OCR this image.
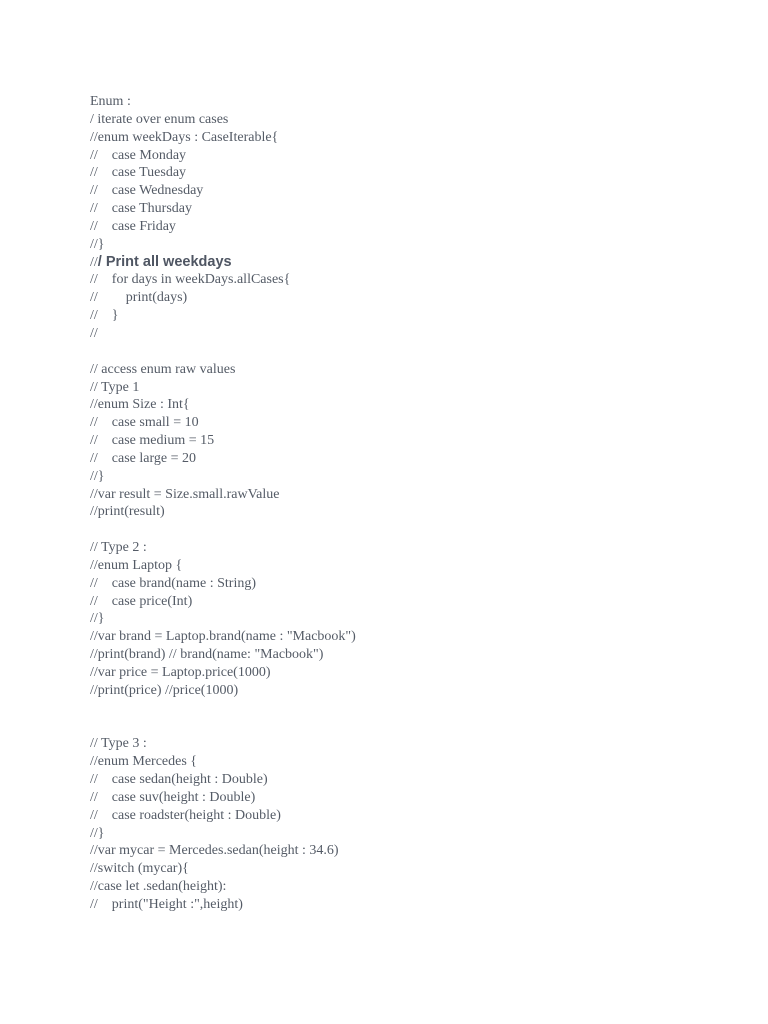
Enum :
/ iterate over enum cases
//enum weekDays : CaseIterable{
//    case Monday
//    case Tuesday
//    case Wednesday
//    case Thursday
//    case Friday
//}
/// Print all weekdays
//    for days in weekDays.allCases{
//        print(days)
//    }
//
// access enum raw values
// Type 1
//enum Size : Int{
//    case small = 10
//    case medium = 15
//    case large = 20
//}
//var result = Size.small.rawValue
//print(result)
// Type 2 :
//enum Laptop {
//    case brand(name : String)
//    case price(Int)
//}
//var brand = Laptop.brand(name : "Macbook")
//print(brand) // brand(name: "Macbook")
//var price = Laptop.price(1000)
//print(price) //price(1000)
// Type 3 :
//enum Mercedes {
//    case sedan(height : Double)
//    case suv(height : Double)
//    case roadster(height : Double)
//}
//var mycar = Mercedes.sedan(height : 34.6)
//switch (mycar){
//case let .sedan(height):
//    print("Height :",height)
